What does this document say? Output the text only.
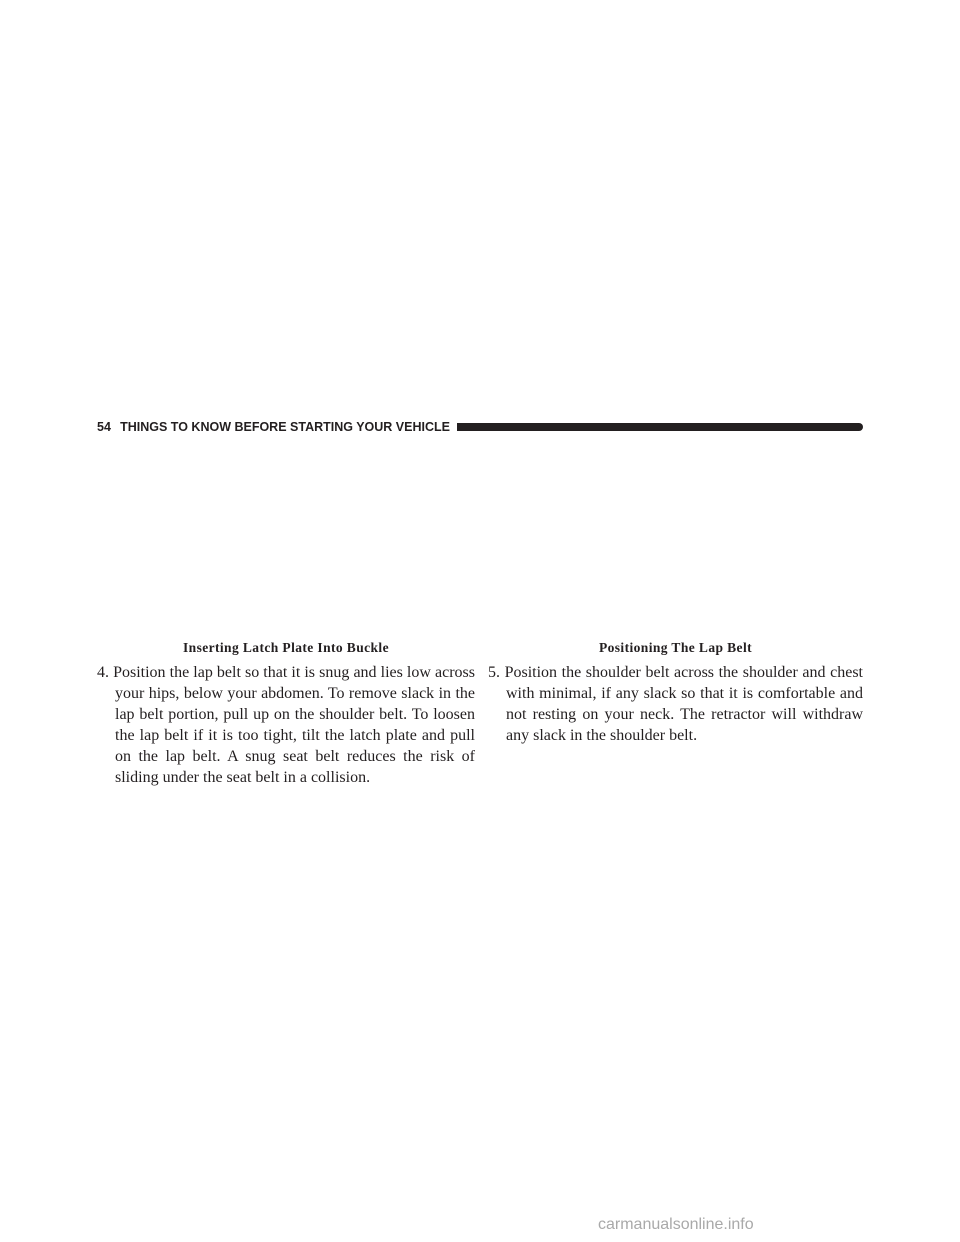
54 THINGS TO KNOW BEFORE STARTING YOUR VEHICLE
Inserting Latch Plate Into Buckle	Positioning The Lap Belt

4. Position the lap belt so that it is snug and lies low across your hips, below your abdomen. To remove slack in the lap belt portion, pull up on the shoulder belt. To loosen the lap belt if it is too tight, tilt the latch plate and pull on the lap belt. A snug seat belt reduces the risk of sliding under the seat belt in a collision.

5. Position the shoulder belt across the shoulder and chest with minimal, if any slack so that it is comfortable and not resting on your neck. The retractor will withdraw any slack in the shoulder belt.

carmanualsonline.info
